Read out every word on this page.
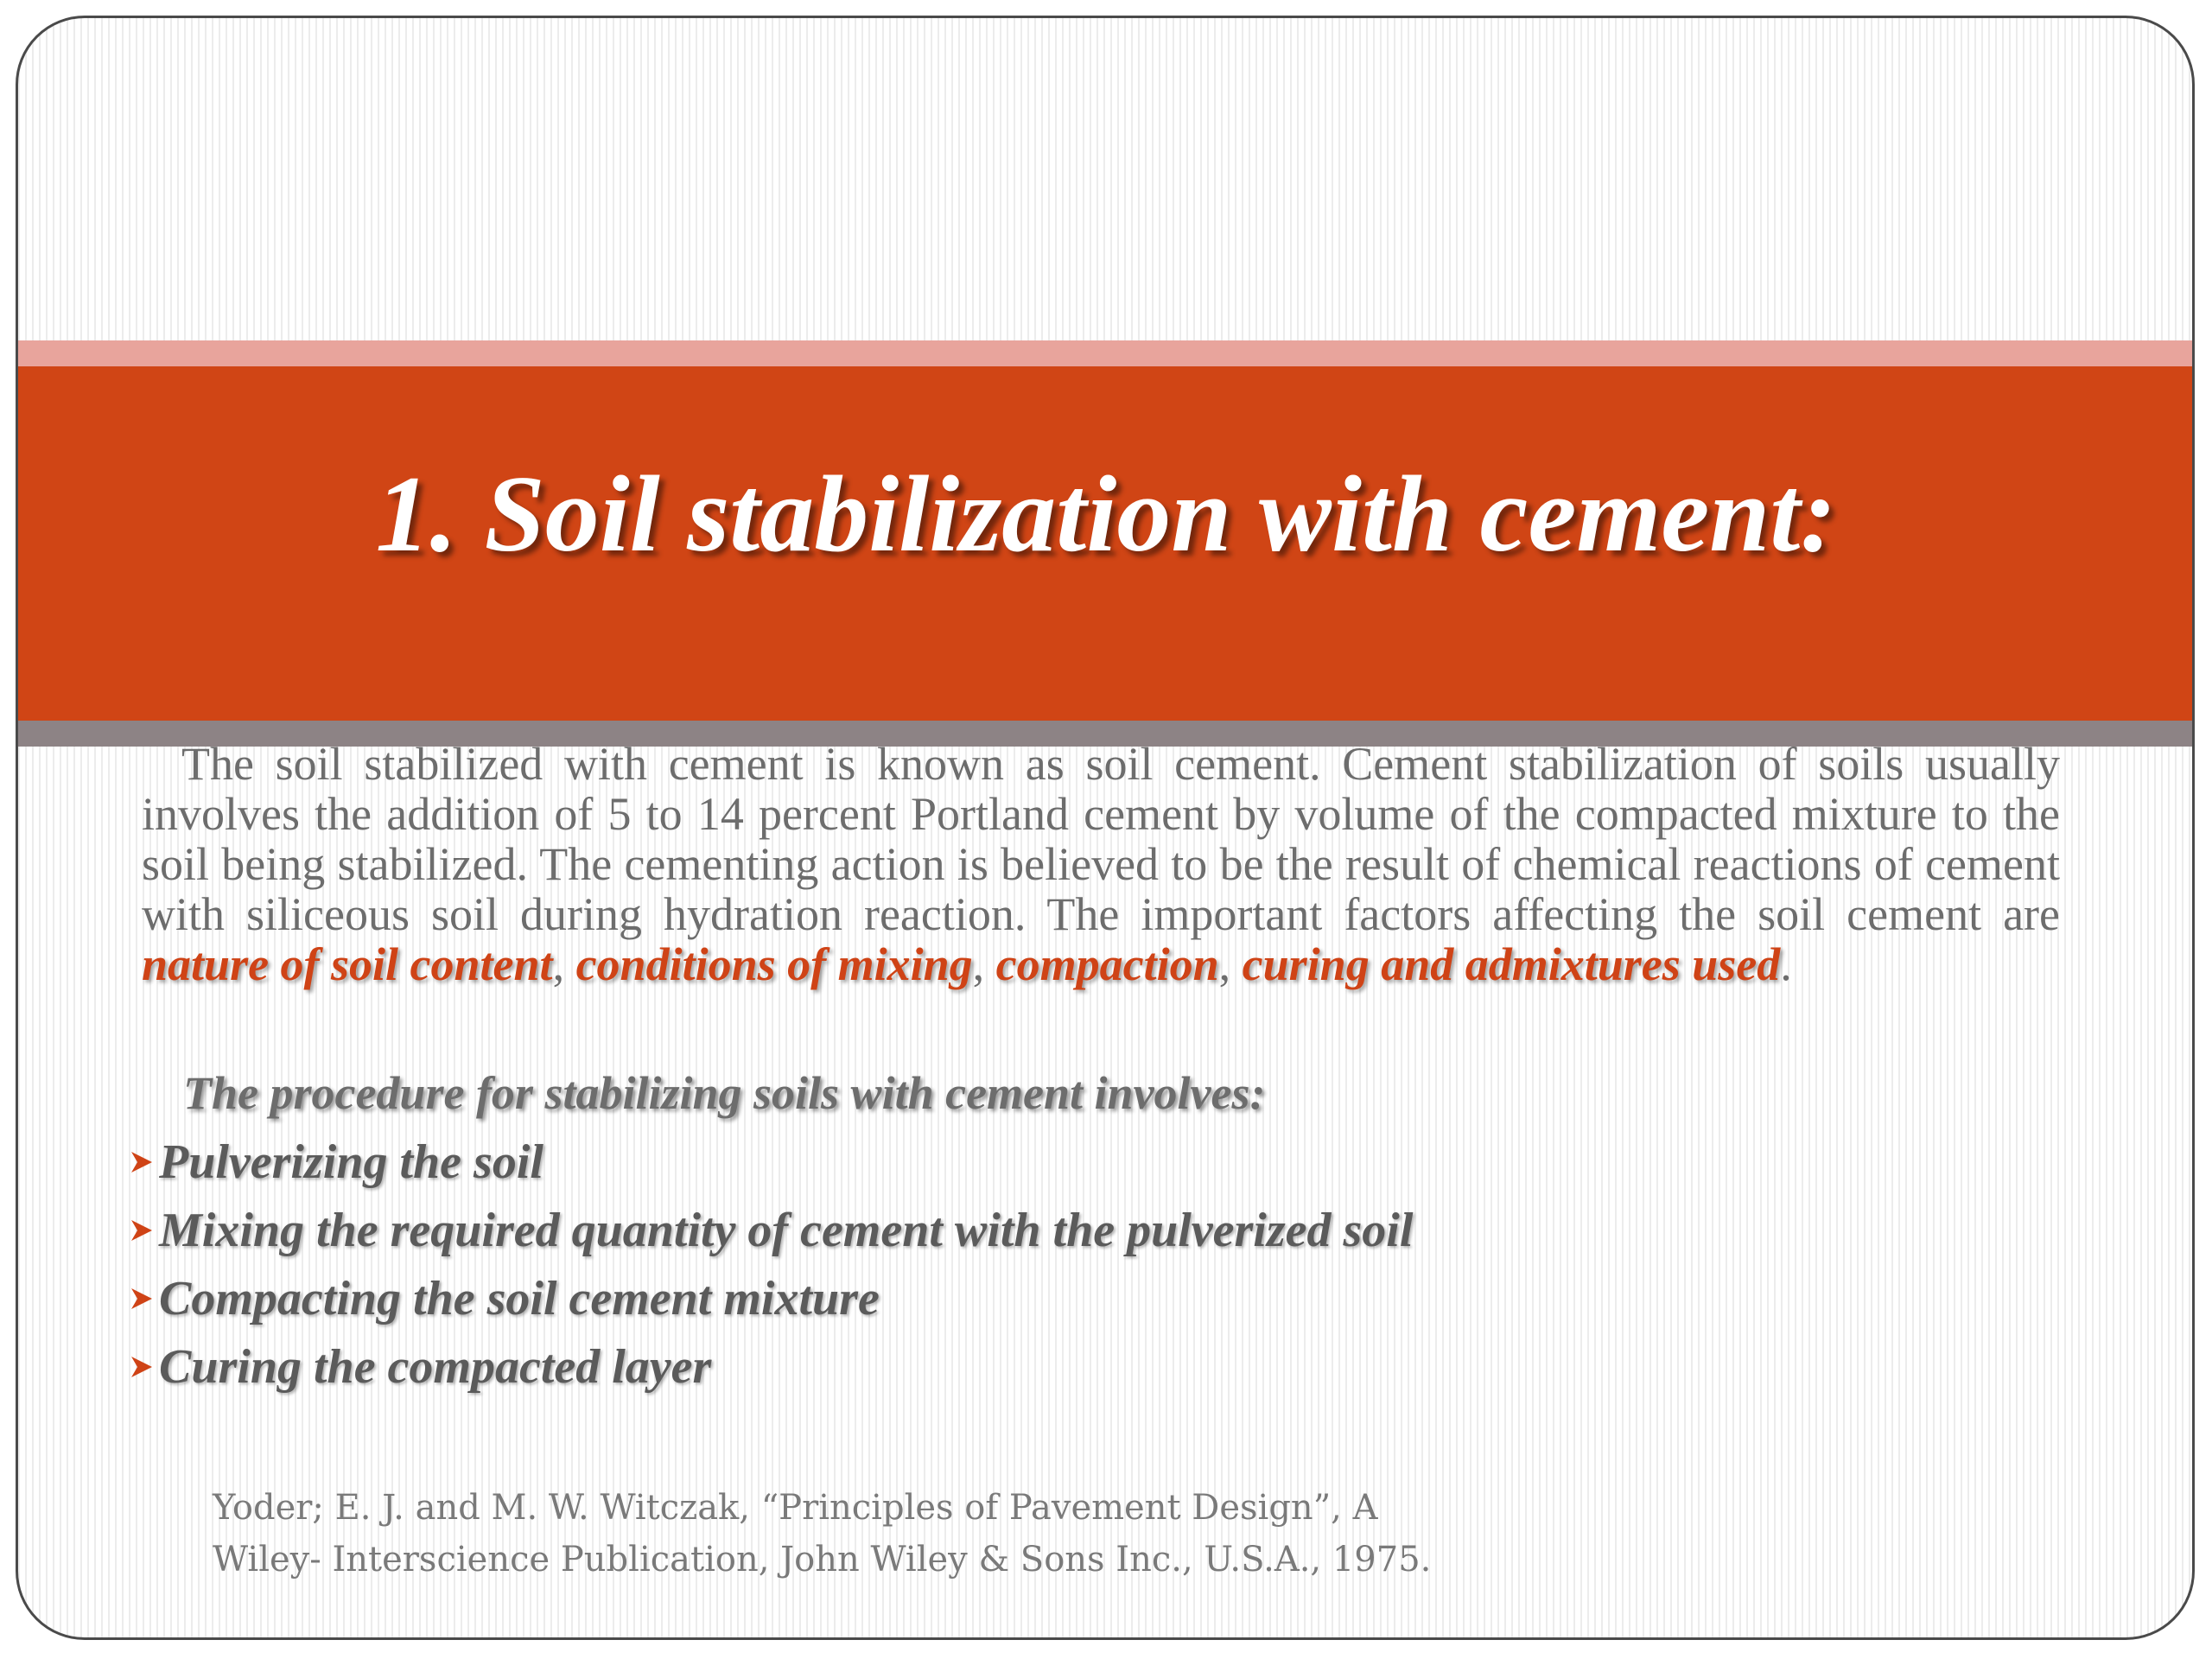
1. Soil stabilization with cement:

The soil stabilized with cement is known as soil cement. Cement stabilization of soils usually involves the addition of 5 to 14 percent Portland cement by volume of the compacted mixture to the soil being stabilized. The cementing action is believed to be the result of chemical reactions of cement with siliceous soil during hydration reaction. The important factors affecting the soil cement are nature of soil content, conditions of mixing, compaction, curing and admixtures used.

The procedure for stabilizing soils with cement involves:

Pulverizing the soil
Mixing the required quantity of cement with the pulverized soil
Compacting the soil cement mixture
Curing the compacted layer

Yoder; E. J. and M. W. Witczak, “Principles of Pavement Design”, A
Wiley- Interscience Publication, John Wiley & Sons Inc., U.S.A., 1975.
